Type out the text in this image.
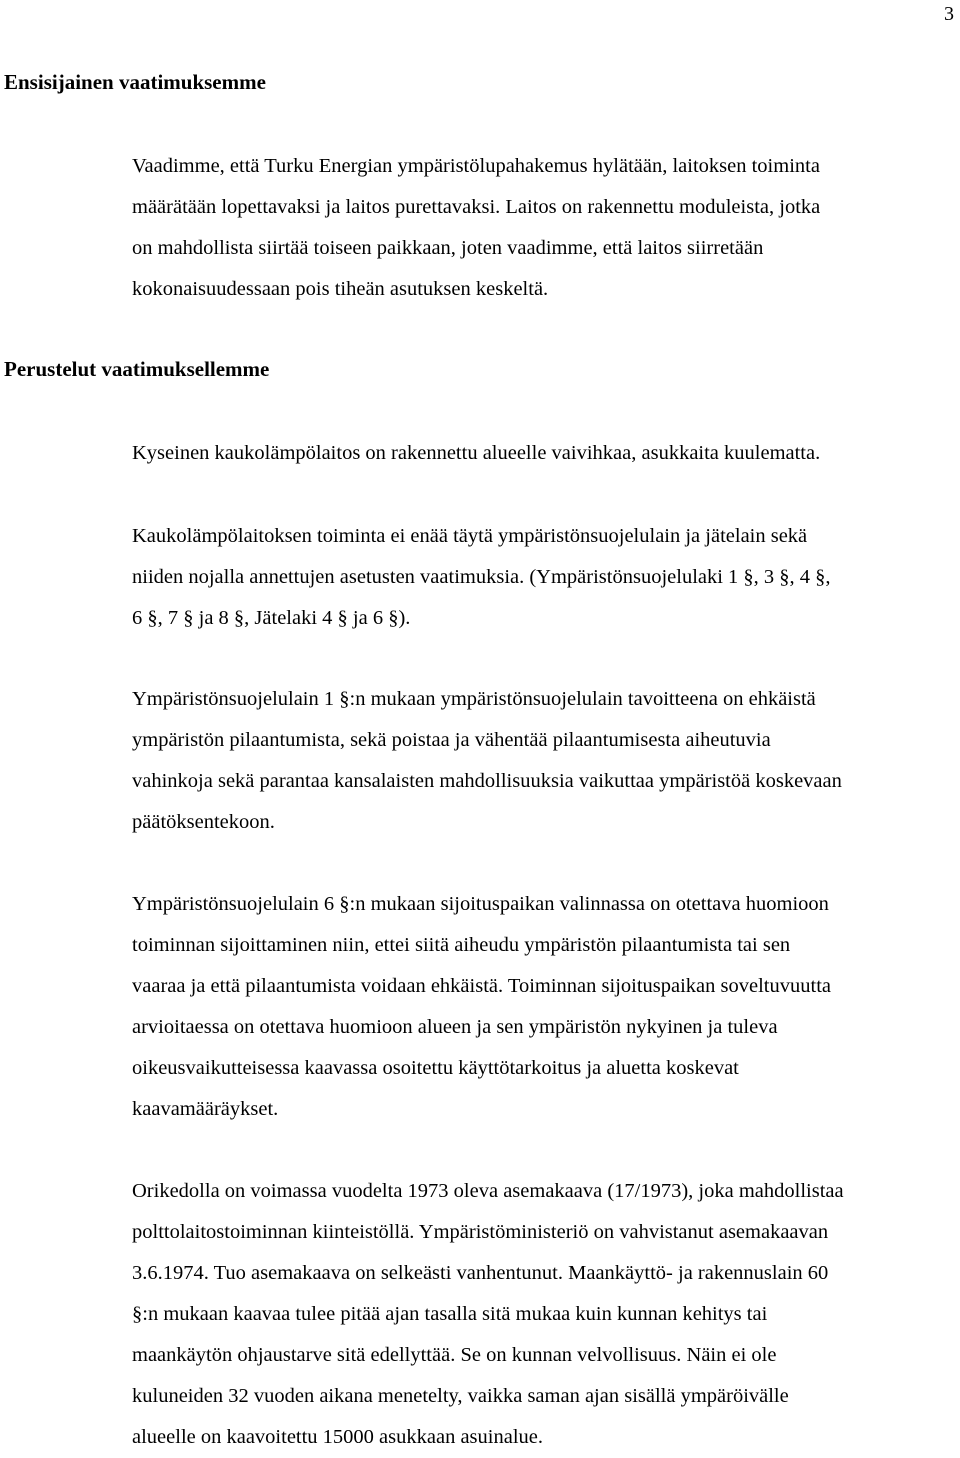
3
Ensisijainen vaatimuksemme

Vaadimme, että Turku Energian ympäristölupahakemus hylätään, laitoksen toiminta
määrätään lopettavaksi ja laitos purettavaksi. Laitos on rakennettu moduleista, jotka
on mahdollista siirtää toiseen paikkaan, joten vaadimme, että laitos siirretään
kokonaisuudessaan pois tiheän asutuksen keskeltä.

Perustelut vaatimuksellemme

Kyseinen kaukolämpölaitos on rakennettu alueelle vaivihkaa, asukkaita kuulematta.

Kaukolämpölaitoksen toiminta ei enää täytä ympäristönsuojelulain ja jätelain sekä
niiden nojalla annettujen asetusten vaatimuksia. (Ympäristönsuojelulaki 1 §, 3 §, 4 §,
6 §, 7 § ja 8 §, Jätelaki 4 § ja 6 §).

Ympäristönsuojelulain 1 §:n mukaan ympäristönsuojelulain tavoitteena on ehkäistä
ympäristön pilaantumista, sekä poistaa ja vähentää pilaantumisesta aiheutuvia
vahinkoja sekä parantaa kansalaisten mahdollisuuksia vaikuttaa ympäristöä koskevaan
päätöksentekoon.

Ympäristönsuojelulain 6 §:n mukaan sijoituspaikan valinnassa on otettava huomioon
toiminnan sijoittaminen niin, ettei siitä aiheudu ympäristön pilaantumista tai sen
vaaraa ja että pilaantumista voidaan ehkäistä. Toiminnan sijoituspaikan soveltuvuutta
arvioitaessa on otettava huomioon alueen ja sen ympäristön nykyinen ja tuleva
oikeusvaikutteisessa kaavassa osoitettu käyttötarkoitus ja aluetta koskevat
kaavamääräykset.

Orikedolla on voimassa vuodelta 1973 oleva asemakaava (17/1973), joka mahdollistaa
polttolaitostoiminnan kiinteistöllä. Ympäristöministeriö on vahvistanut asemakaavan
3.6.1974. Tuo asemakaava on selkeästi vanhentunut. Maankäyttö- ja rakennuslain 60
§:n mukaan kaavaa tulee pitää ajan tasalla sitä mukaa kuin kunnan kehitys tai
maankäytön ohjaustarve sitä edellyttää. Se on kunnan velvollisuus. Näin ei ole
kuluneiden 32 vuoden aikana menetelty, vaikka saman ajan sisällä ympäröivälle
alueelle on kaavoitettu 15000 asukkaan asuinalue.
